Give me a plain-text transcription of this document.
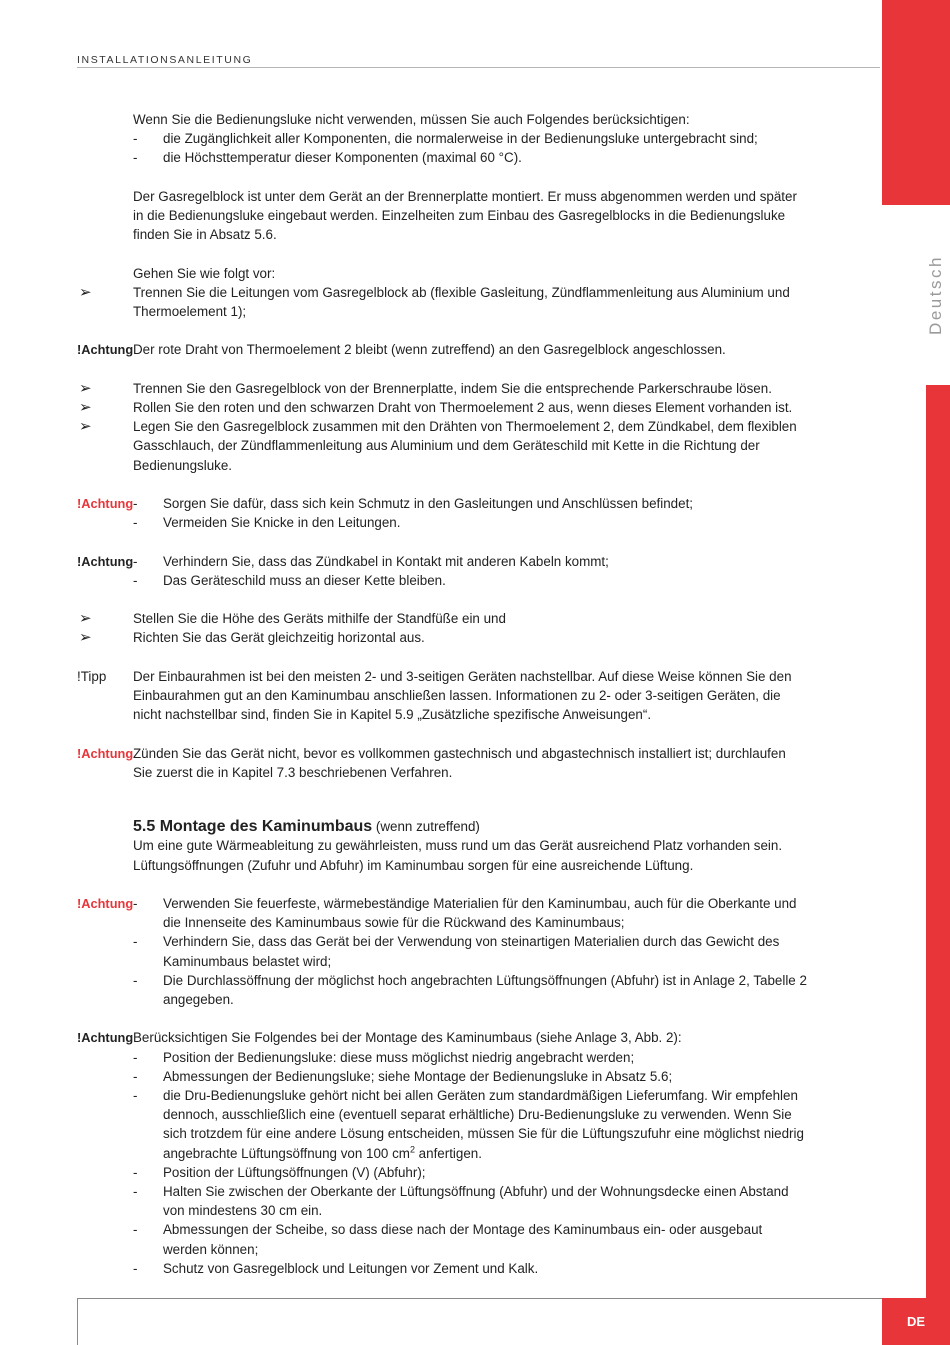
Deutsch
INSTALLATIONSANLEITUNG

Wenn Sie die Bedienungsluke nicht verwenden, müssen Sie auch Folgendes berücksichtigen:

- die Zugänglichkeit aller Komponenten, die normalerweise in der Bedienungsluke untergebracht sind;

- die Höchsttemperatur dieser Komponenten (maximal 60 °C).

Der Gasregelblock ist unter dem Gerät an der Brennerplatte montiert. Er muss abgenommen werden und später in die Bedienungsluke eingebaut werden. Einzelheiten zum Einbau des Gasregelblocks in die Bedienungsluke finden Sie in Absatz 5.6.

Gehen Sie wie folgt vor:

➢	Trennen Sie die Leitungen vom Gasregelblock ab (flexible Gasleitung, Zündflammenleitung aus Aluminium und Thermoelement 1);

!Achtung Der rote Draht von Thermoelement 2 bleibt (wenn zutreffend) an den Gasregelblock angeschlossen.

➢	Trennen Sie den Gasregelblock von der Brennerplatte, indem Sie die entsprechende Parkerschraube lösen.

➢	Rollen Sie den roten und den schwarzen Draht von Thermoelement 2 aus, wenn dieses Element vorhanden ist.

➢	Legen Sie den Gasregelblock zusammen mit den Drähten von Thermoelement 2, dem Zündkabel, dem flexiblen Gasschlauch, der Zündflammenleitung aus Aluminium und dem Geräteschild mit Kette in die Richtung der Bedienungsluke.

!Achtung - Sorgen Sie dafür, dass sich kein Schmutz in den Gasleitungen und Anschlüssen befindet;

- Vermeiden Sie Knicke in den Leitungen.

!Achtung - Verhindern Sie, dass das Zündkabel in Kontakt mit anderen Kabeln kommt;

- Das Geräteschild muss an dieser Kette bleiben.

➢	Stellen Sie die Höhe des Geräts mithilfe der Standfüße ein und

➢	Richten Sie das Gerät gleichzeitig horizontal aus.

!Tipp Der Einbaurahmen ist bei den meisten 2- und 3-seitigen Geräten nachstellbar. Auf diese Weise können Sie den Einbaurahmen gut an den Kaminumbau anschließen lassen. Informationen zu 2- oder 3-seitigen Geräten, die nicht nachstellbar sind, finden Sie in Kapitel 5.9 „Zusätzliche spezifische Anweisungen“.

!Achtung Zünden Sie das Gerät nicht, bevor es vollkommen gastechnisch und abgastechnisch installiert ist; durchlaufen Sie zuerst die in Kapitel 7.3 beschriebenen Verfahren.

5.5 Montage des Kaminumbaus (wenn zutreffend)

Um eine gute Wärmeableitung zu gewährleisten, muss rund um das Gerät ausreichend Platz vorhanden sein. Lüftungsöffnungen (Zufuhr und Abfuhr) im Kaminumbau sorgen für eine ausreichende Lüftung.

!Achtung - Verwenden Sie feuerfeste, wärmebeständige Materialien für den Kaminumbau, auch für die Oberkante und die Innenseite des Kaminumbaus sowie für die Rückwand des Kaminumbaus;

- Verhindern Sie, dass das Gerät bei der Verwendung von steinartigen Materialien durch das Gewicht des Kaminumbaus belastet wird;

- Die Durchlassöffnung der möglichst hoch angebrachten Lüftungsöffnungen (Abfuhr) ist in Anlage 2, Tabelle 2 angegeben.

!Achtung Berücksichtigen Sie Folgendes bei der Montage des Kaminumbaus (siehe Anlage 3, Abb. 2):

- Position der Bedienungsluke: diese muss möglichst niedrig angebracht werden;

- Abmessungen der Bedienungsluke; siehe Montage der Bedienungsluke in Absatz 5.6;

- die Dru-Bedienungsluke gehört nicht bei allen Geräten zum standardmäßigen Lieferumfang. Wir empfehlen dennoch, ausschließlich eine (eventuell separat erhältliche) Dru-Bedienungsluke zu verwenden. Wenn Sie sich trotzdem für eine andere Lösung entscheiden, müssen Sie für die Lüftungszufuhr eine möglichst niedrig angebrachte Lüftungsöffnung von 100 $cm^2$ anfertigen.

- Position der Lüftungsöffnungen (V) (Abfuhr);

- Halten Sie zwischen der Oberkante der Lüftungsöffnung (Abfuhr) und der Wohnungsdecke einen Abstand von mindestens 30 cm ein.

- Abmessungen der Scheibe, so dass diese nach der Montage des Kaminumbaus ein- oder ausgebaut werden können;

- Schutz von Gasregelblock und Leitungen vor Zement und Kalk.

DE
